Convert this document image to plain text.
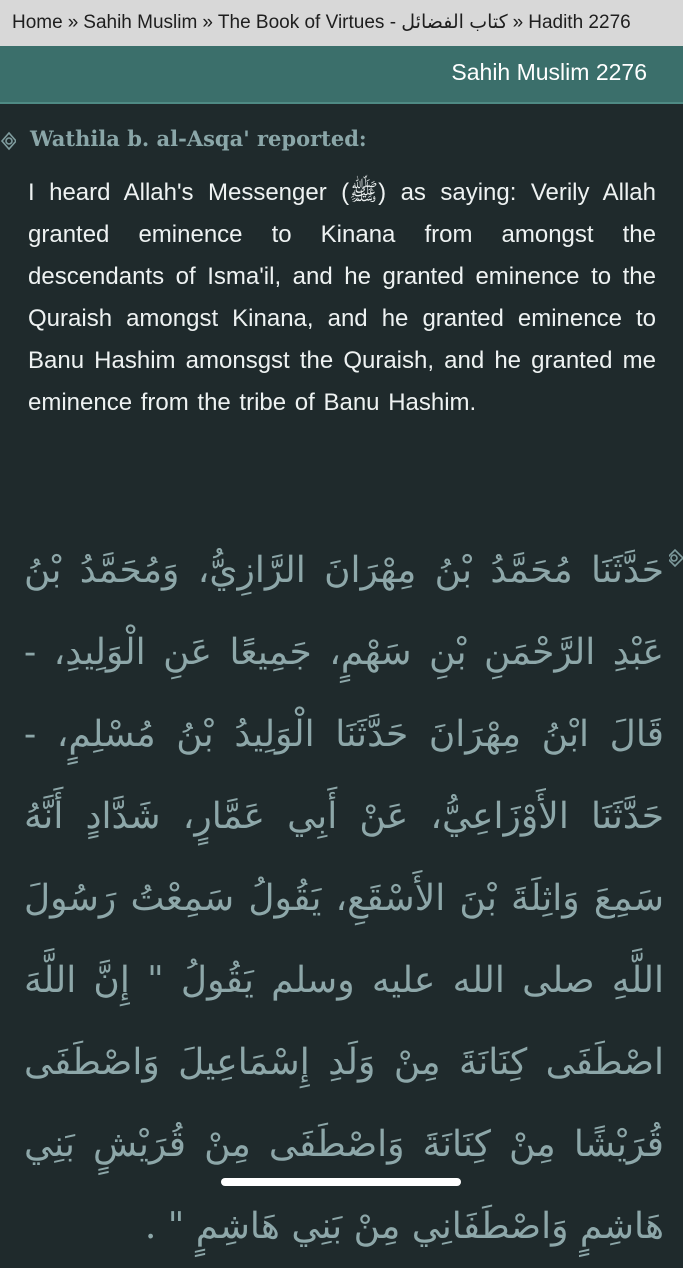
Home » Sahih Muslim » The Book of Virtues - كتاب الفضائل » Hadith 2276
Sahih Muslim 2276
Wathila b. al-Asqa' reported:
I heard Allah's Messenger (ﷺ) as saying: Verily Allah granted eminence to Kinana from amongst the descendants of Isma'il, and he granted eminence to the Quraish amongst Kinana, and he granted eminence to Banu Hashim amonsgst the Quraish, and he granted me eminence from the tribe of Banu Hashim.
حَدَّثَنَا مُحَمَّدُ بْنُ مِهْرَانَ الرَّازِيُّ، وَمُحَمَّدُ بْنُ عَبْدِ الرَّحْمَنِ بْنِ سَهْمٍ، جَمِيعًا عَنِ الْوَلِيدِ، - قَالَ ابْنُ مِهْرَانَ حَدَّثَنَا الْوَلِيدُ بْنُ مُسْلِمٍ، - حَدَّثَنَا الأَوْزَاعِيُّ، عَنْ أَبِي عَمَّارٍ، شَدَّادٍ أَنَّهُ سَمِعَ وَاثِلَةَ بْنَ الأَسْقَعِ، يَقُولُ سَمِعْتُ رَسُولَ اللَّهِ صلى الله عليه وسلم يَقُولُ " إِنَّ اللَّهَ اصْطَفَى كِنَانَةَ مِنْ وَلَدِ إِسْمَاعِيلَ وَاصْطَفَى قُرَيْشًا مِنْ كِنَانَةَ وَاصْطَفَى مِنْ قُرَيْشٍ بَنِي هَاشِمٍ وَاصْطَفَانِي مِنْ بَنِي هَاشِمٍ " .
